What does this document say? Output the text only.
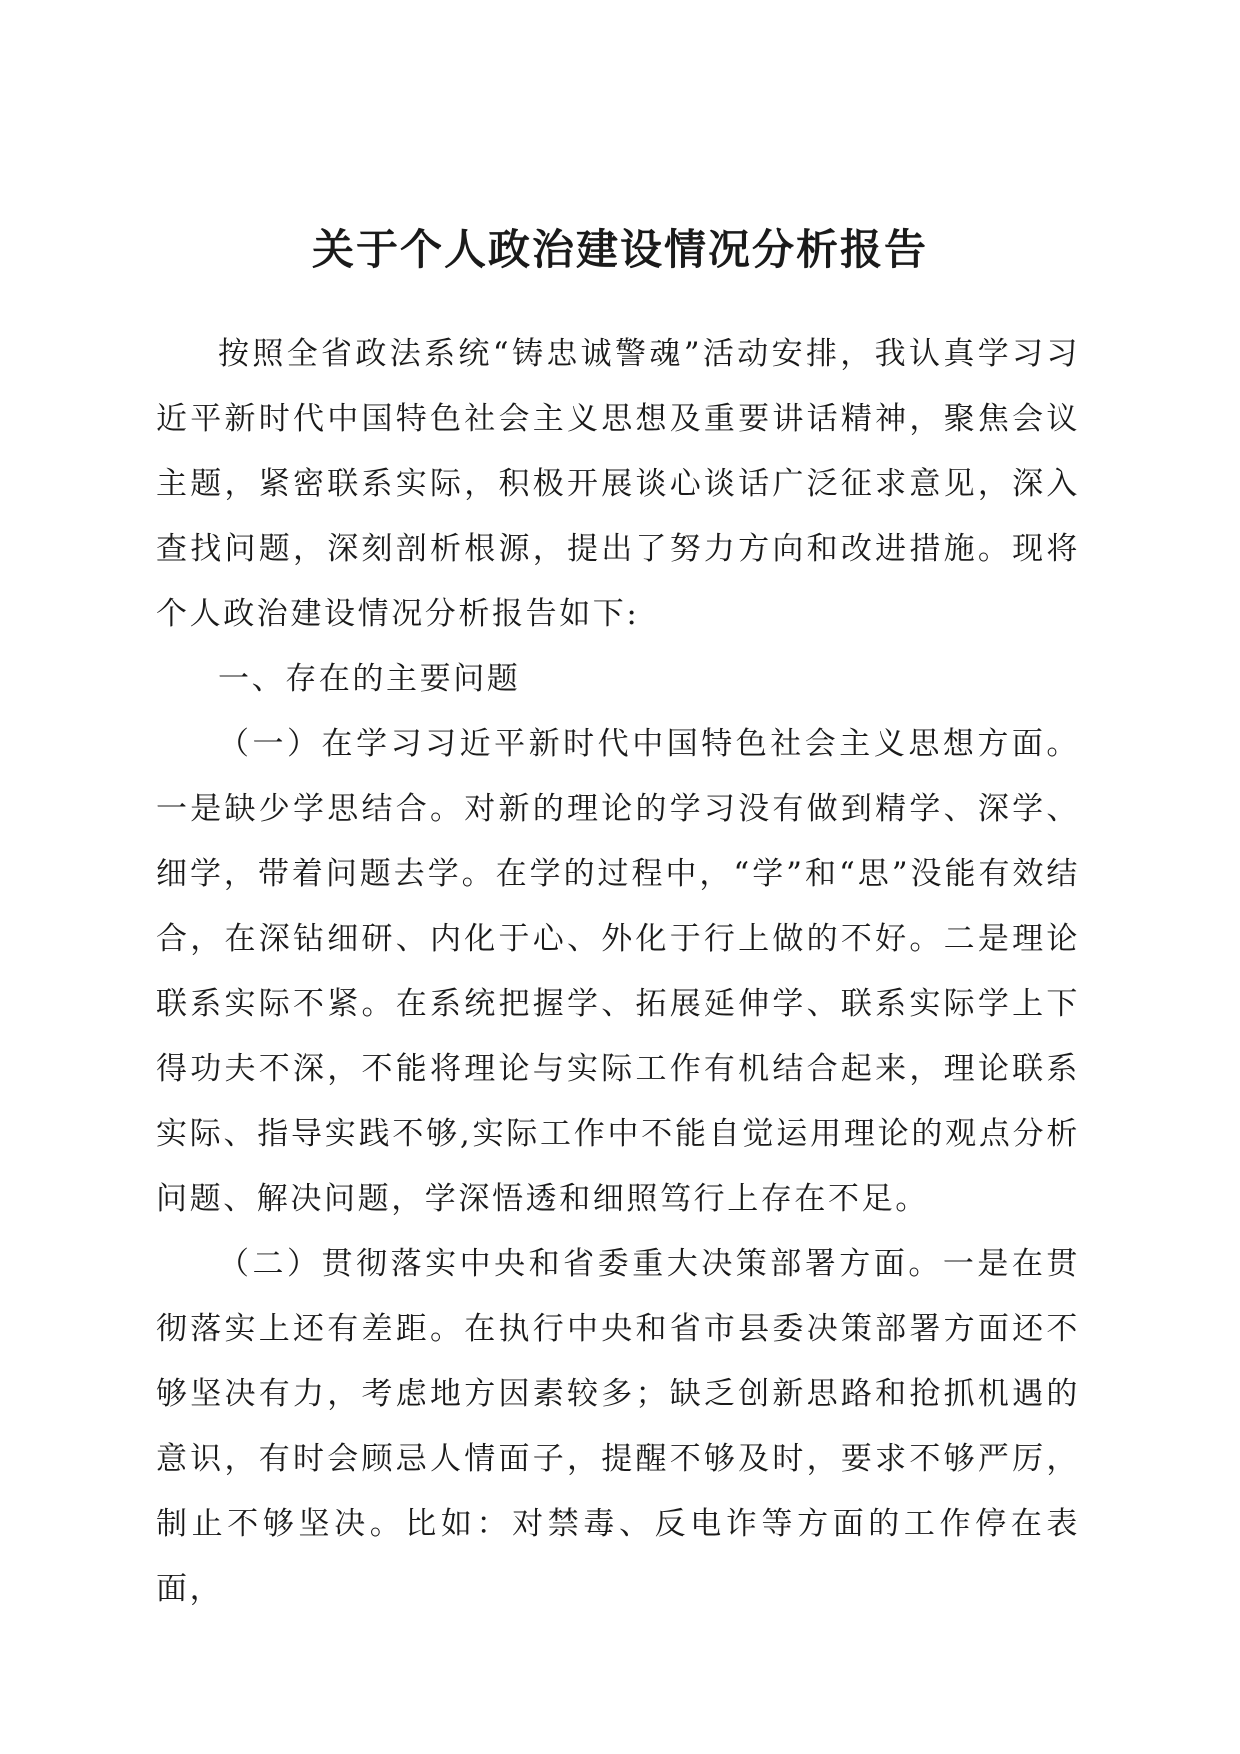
关于个人政治建设情况分析报告

按照全省政法系统“铸忠诚警魂”活动安排，我认真学习习近平新时代中国特色社会主义思想及重要讲话精神，聚焦会议主题，紧密联系实际，积极开展谈心谈话广泛征求意见，深入查找问题，深刻剖析根源，提出了努力方向和改进措施。现将个人政治建设情况分析报告如下:

一、存在的主要问题

（一）在学习习近平新时代中国特色社会主义思想方面。一是缺少学思结合。对新的理论的学习没有做到精学、深学、细学，带着问题去学。在学的过程中，“学”和“思”没能有效结合，在深钻细研、内化于心、外化于行上做的不好。二是理论联系实际不紧。在系统把握学、拓展延伸学、联系实际学上下得功夫不深，不能将理论与实际工作有机结合起来，理论联系实际、指导实践不够,实际工作中不能自觉运用理论的观点分析问题、解决问题，学深悟透和细照笃行上存在不足。

（二）贯彻落实中央和省委重大决策部署方面。一是在贯彻落实上还有差距。在执行中央和省市县委决策部署方面还不够坚决有力，考虑地方因素较多；缺乏创新思路和抢抓机遇的意识，有时会顾忌人情面子，提醒不够及时，要求不够严厉，制止不够坚决。比如：对禁毒、反电诈等方面的工作停在表面，
